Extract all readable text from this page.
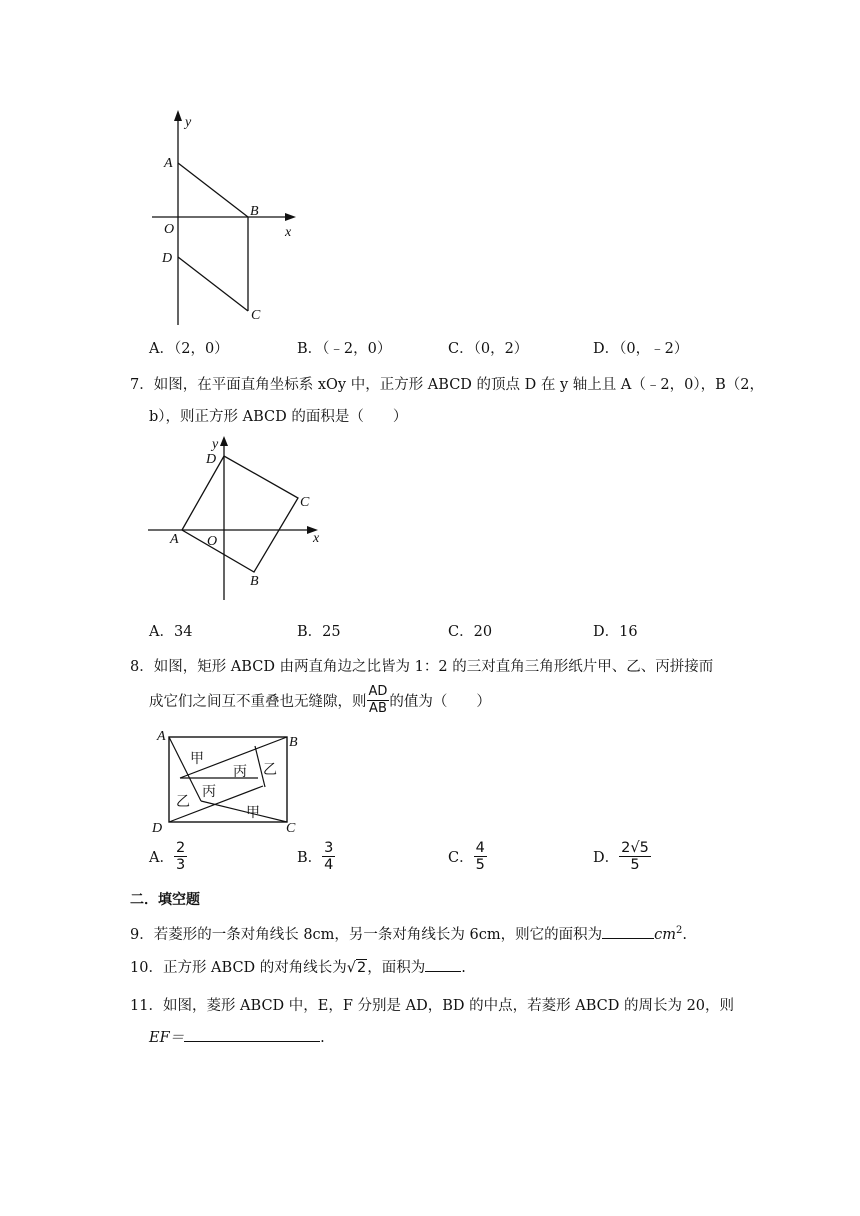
y
A
B
O	x
D
C
A．（2，0）	B．（﹣2，0）	C．（0，2）	D．（0，﹣2）
7．如图，在平面直角坐标系 xOy 中，正方形 ABCD 的顶点 D 在 y 轴上且 A（﹣2，0），B（2，
b），则正方形 ABCD 的面积是（　　）
y
D
C
A O	x
B
A．34	B．25	C．20	D．16
8．如图，矩形 ABCD 由两直角边之比皆为 1：2 的三对直角三角形纸片甲、乙、丙拼接而
成它们之间互不重叠也无缝隙，则 $\frac{AD}{AB}$ 的值为（　　）
A	B
D	C
甲
丙 乙
乙
丙
甲
A． $\frac{2}{3}$	B． $\frac{3}{4}$	C． $\frac{4}{5}$	D． $\frac{2√5}{5}$
二．填空题
9．若菱形的一条对角线长 8cm，另一条对角线长为 6cm，则它的面积为	$cm^2$.
10．正方形 ABCD 的对角线长为√2，面积为 .
11．如图，菱形 ABCD 中，E，F 分别是 AD，BD 的中点，若菱形 ABCD 的周长为 20，则
EF＝	.
